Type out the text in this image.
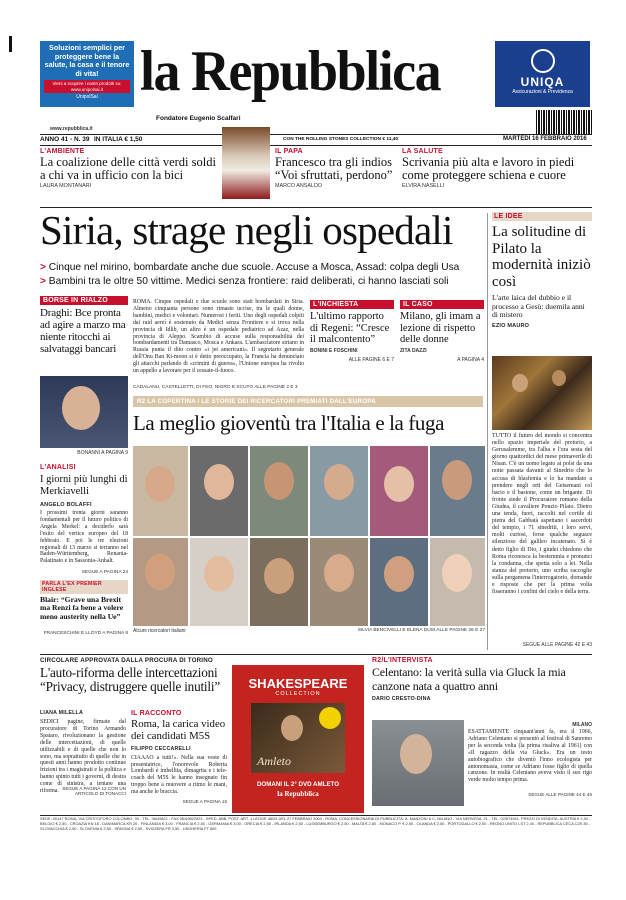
Soluzioni semplici per proteggere bene la salute, la casa e il tenore di vita!
Vieni a scoprire i nostri prodotti su: www.unipolsai.it
UnipolSai
www.repubblica.it
la Repubblica
Fondatore Eugenio Scalfari
UNIQA
Assicurazioni & Previdenza
ANNO 41 - N. 39 IN ITALIA € 1,50	CON THE ROLLING STONES COLLECTION € 11,40	MARTEDÌ 16 FEBBRAIO 2016
L'AMBIENTE
La coalizione delle città verdi soldi a chi va in ufficio con la bici
LAURA MONTANARI
IL PAPA
Francesco tra gli indios “Voi sfruttati, perdono”
MARCO ANSALDO
LA SALUTE
Scrivania più alta e lavoro in piedi come proteggere schiena e cuore
ELVIRA NASELLI
Siria, strage negli ospedali
> Cinque nel mirino, bombardate anche due scuole. Accuse a Mosca, Assad: colpa degli Usa
> Bambini tra le oltre 50 vittime. Medici senza frontiere: raid deliberati, ci hanno lasciati soli
LE IDEE
La solitudine di Pilato la modernità iniziò così
L'arte laica del dubbio e il processo a Gesù: duemila anni di mistero
EZIO MAURO
TUTTO il futuro del mondo si concentra nello spazio imperiale del pretorio, a Gerusalemme, tra l'alba e l'ora sesta del giorno quattordici del mese primaverile di Nisan. C'è un uomo legato ai polsi da una notte passata davanti al Sinedrio che lo accusa di blasfemia e lo ha mandato a prendere negli orti del Getsemani col bacio e il bastone, come un brigante. Di fronte siede il Procuratore romano della Giudea, il cavaliere Ponzio Pilato. Dietro una tenda, fuori, raccolti nel cortile di pietra del Gabbatà aspettano i sacerdoti del tempio, i 71 sinedriti, i loro servi, molti curiosi, forse qualche seguace silenzioso del galileo incatenato. Sì è detto figlio di Dio, i giudei chiedono che Roma riconosca la bestemmia e pronunci la condanna, che spetta solo a lei. Nella stanza del pretorio, uno scriba raccoglie sulla pergamena l'interrogatorio, domande e risposte che per la prima volta fisseranno i confini del cielo e della terra.
SEGUE ALLE PAGINE 42 E 43
BORSE IN RIALZO
Draghi: Bce pronta ad agire a marzo ma niente ritocchi ai salvataggi bancari
BONANNI A PAGINA 9
ROMA. Cinque ospedali e due scuole sono stati bombardati in Siria. Almeno cinquanta persone sono rimaste uccise, tra le quali donne, bambini, medici e volontari. Numerosi i feriti. Uno degli ospedali colpiti dai raid aereí è sostenuto da Medici senza Frontiere e si trova nella provincia di Idlib, un altro è un ospedale pediatrico ad Azaz, nella provincia di Aleppo. Scambio di accuse sulla responsabilità dei bombardamenti tra Damasco, Mosca e Ankara. L'ambasciatore siriano in Russia punta il dito contro «i jet americani». Il segretario generale dell'Onu Ban Ki-moon si è detto preoccupato, la Francia ha denunciato gli attacchi parlando di «crimini di guerra», l'Unione europea ha rivolto un appello a lavorare per il cessate-il-fuoco.
CADALANU, CASTELLETTI, DI FEO, NIGRO E SCUTO ALLE PAGINE 2 E 3
L'INCHIESTA
L'ultimo rapporto di Regeni: “Cresce il malcontento”
BONINI E FOSCHINI
ALLE PAGINE 6 E 7
IL CASO
Milano, gli imam a lezione di rispetto delle donne
ZITA DAZZI
A PAGINA 4
R2 LA COPERTINA / LE STORIE DEI RICERCATORI PREMIATI DALL'EUROPA
La meglio gioventù tra l'Italia e la fuga
Alcuni ricercatori italiani	SILVIA BENCIVELLI E ELENA DUSI ALLE PAGINE 26 E 27
L'ANALISI
I giorni più lunghi di Merkiavelli
ANGELO BOLAFFI
I prossimi trenta giorni saranno fondamentali per il futuro politico di Angela Merkel: a deciderlo sarà l'esito del vertice europeo del 18 febbraio. E poi le tre elezioni regionali di 13 marzo si terranno nel Baden-Württemberg, Renania-Palatinato e in Sassonia-Anhalt.
SEGUE A PAGINA 24
PARLA L'EX PREMIER INGLESE
Blair: “Grave una Brexit ma Renzi fa bene a volere meno austerity nella Ue”
FRANCESCHINI E LLOYD A PAGINA 8
CIRCOLARE APPROVATA DALLA PROCURA DI TORINO
L'auto-riforma delle intercettazioni “Privacy, distruggere quelle inutili”
LIANA MILELLA
SEDICI pagine, firmate dal procuratore di Torino Armando Spataro, rivoluzionano la gestione delle intercettazioni, di quelle utilizzabili e di quelle che non lo sono, ma soprattutto di quelle che in questi anni hanno prodotto continue frizioni tra i magistrati e la politica e hanno spinto tutti i governi, di destra come di sinistra, a tentare una riforma. SEGUE A PAGINA 12 CON UN ARTICOLO DI TONACCI
IL RACCONTO
Roma, la carica video dei candidati M5S
FILIPPO CECCARELLI
CIAAAO a tutti!». Nella sua veste di presentatrice, l'onorevole Roberta Lombardi è imbellita, dimagrita e i tele-coach del M5S le hanno insegnato fin troppo bene a muovere a ritmo le mani, ma anche le braccia.
SEGUE A PAGINA 15
SHAKESPEARE
COLLECTION
Amleto
DOMANI IL 2° DVD AMLETO
la Repubblica
R2/L'INTERVISTA
Celentano: la verità sulla via Gluck la mia canzone nata a quattro anni
DARIO CRESTO-DINA
MILANO
ESATTAMENTE cinquant'anni fa, era il 1966, Adriano Celentano si presentò al festival di Sanremo per la seconda volta (la prima risaliva al 1961) con «Il ragazzo della via Gluck». Era un testo autobiografico che diventò l'inno ecologista per antonomasia, come se Adriano fosse figlio di quella canzone. In realtà Celentano aveva visto il suo rigo verde molto tempo prima.
SEGUE ALLE PAGINE 44 E 45
SEDE: 00147 ROMA, VIA CRISTOFORO COLOMBO, 90 - TEL. 06/49821 - FAX 06/49822923 - SPED. ABB. POST. ART. 1 LEGGE 46/04 DEL 27 FEBBRAIO 2004 - ROMA. CONCESSIONARIA DI PUBBLICITÀ: A. MANZONI & C. MILANO - VIA NERVESA, 21 - TEL. 02/574941. PREZZI DI VENDITA: AUSTRIA € 2,50 - BELGIO € 2,50 - CROAZIA KN 18 - DANIMARCA KR 20 - FINLANDIA € 3,00 - FRANCIA € 2,50 - GERMANIA € 3,00 - GRECIA € 2,50 - IRLANDA € 2,50 - LUSSEMBURGO € 2,50 - MALTA € 2,50 - MONACO P. € 2,50 - OLANDA € 2,50 - PORTOGALLO € 2,50 - REGNO UNITO LST 2,40 - REPUBBLICA CECA CZK 80 - SLOVACCHIA € 2,50 - SLOVENIA € 2,50 - SPAGNA € 2,50 - SVIZZERA FR 3,50 - UNGHERIA FT 600
